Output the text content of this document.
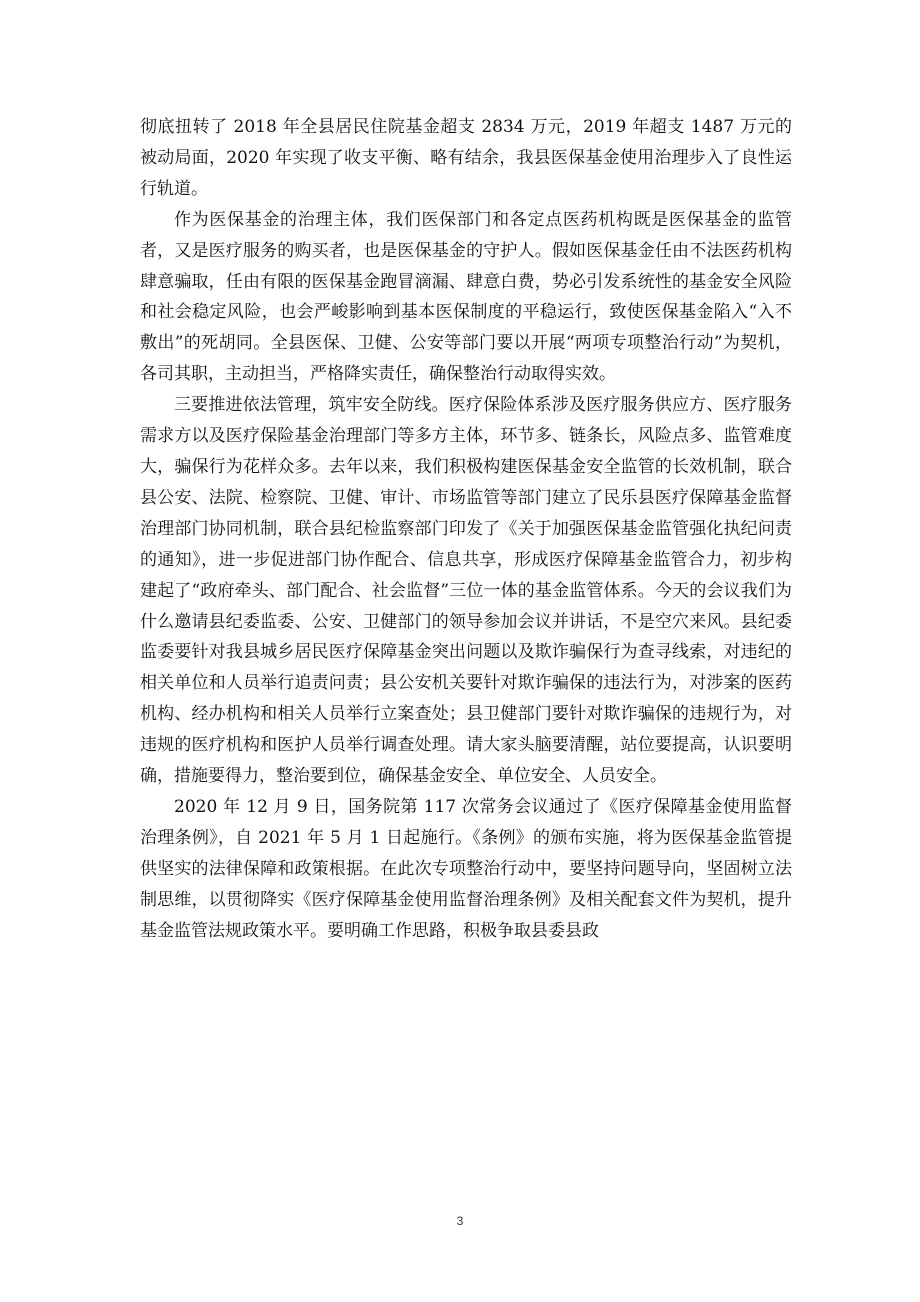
彻底扭转了 2018 年全县居民住院基金超支 2834 万元，2019 年超支 1487 万元的被动局面，2020 年实现了收支平衡、略有结余，我县医保基金使用治理步入了良性运行轨道。

作为医保基金的治理主体，我们医保部门和各定点医药机构既是医保基金的监管者，又是医疗服务的购买者，也是医保基金的守护人。假如医保基金任由不法医药机构肆意骗取，任由有限的医保基金跑冒滴漏、肆意白费，势必引发系统性的基金安全风险和社会稳定风险，也会严峻影响到基本医保制度的平稳运行，致使医保基金陷入“入不敷出”的死胡同。全县医保、卫健、公安等部门要以开展“两项专项整治行动”为契机，各司其职，主动担当，严格降实责任，确保整治行动取得实效。

三要推进依法管理，筑牢安全防线。医疗保险体系涉及医疗服务供应方、医疗服务需求方以及医疗保险基金治理部门等多方主体，环节多、链条长，风险点多、监管难度大，骗保行为花样众多。去年以来，我们积极构建医保基金安全监管的长效机制，联合县公安、法院、检察院、卫健、审计、市场监管等部门建立了民乐县医疗保障基金监督治理部门协同机制，联合县纪检监察部门印发了《关于加强医保基金监管强化执纪问责的通知》，进一步促进部门协作配合、信息共享，形成医疗保障基金监管合力，初步构建起了“政府牵头、部门配合、社会监督”三位一体的基金监管体系。今天的会议我们为什么邀请县纪委监委、公安、卫健部门的领导参加会议并讲话，不是空穴来风。县纪委监委要针对我县城乡居民医疗保障基金突出问题以及欺诈骗保行为查寻线索，对违纪的相关单位和人员举行追责问责；县公安机关要针对欺诈骗保的违法行为，对涉案的医药机构、经办机构和相关人员举行立案查处；县卫健部门要针对欺诈骗保的违规行为，对违规的医疗机构和医护人员举行调查处理。请大家头脑要清醒，站位要提高，认识要明确，措施要得力，整治要到位，确保基金安全、单位安全、人员安全。

2020 年 12 月 9 日，国务院第 117 次常务会议通过了《医疗保障基金使用监督治理条例》，自 2021 年 5 月 1 日起施行。《条例》的颁布实施，将为医保基金监管提供坚实的法律保障和政策根据。在此次专项整治行动中，要坚持问题导向，坚固树立法制思维，以贯彻降实《医疗保障基金使用监督治理条例》及相关配套文件为契机，提升基金监管法规政策水平。要明确工作思路，积极争取县委县政

3
